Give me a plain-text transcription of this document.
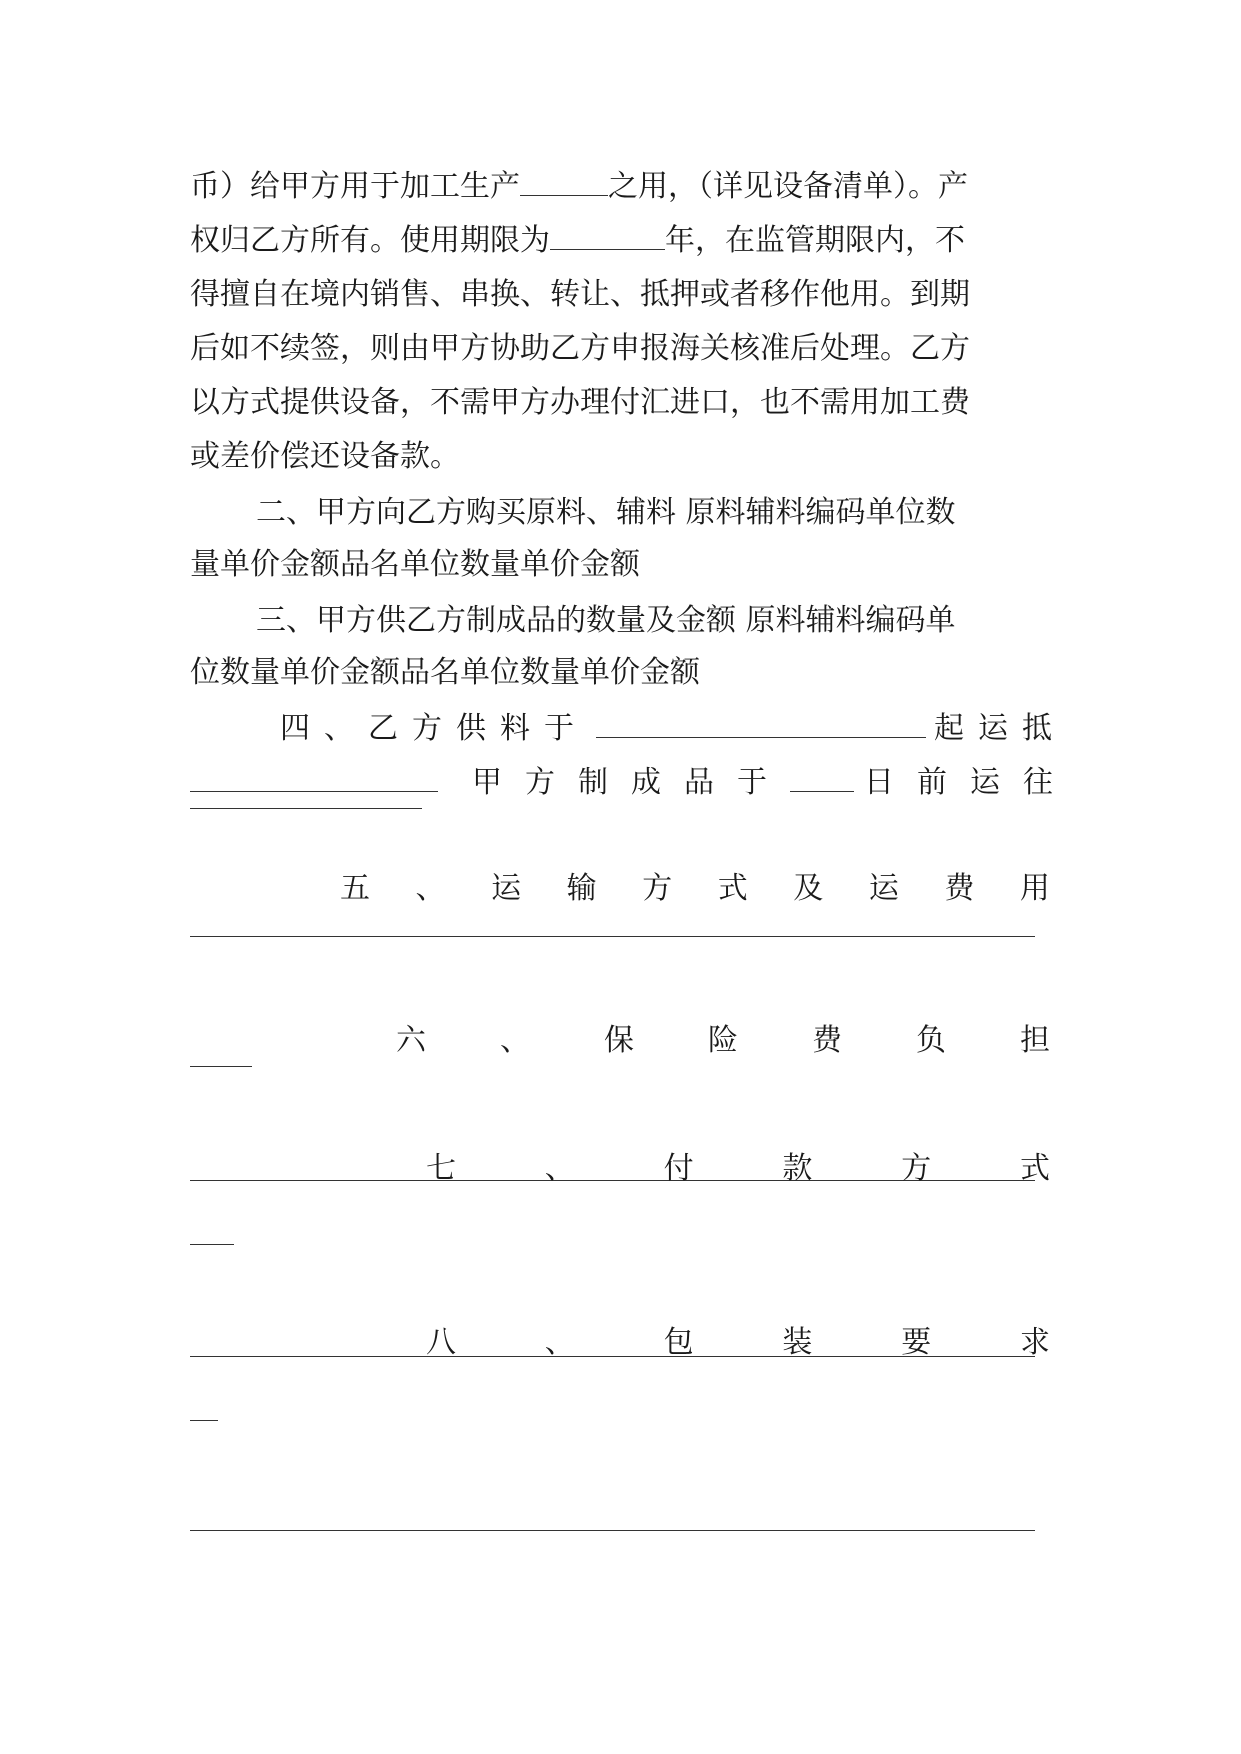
币）给甲方用于加工生产	之用，（详见设备清单）。产
权归乙方所有。使用期限为	年，在监管期限内，不
得擅自在境内销售、串换、转让、抵押或者移作他用。到期
后如不续签，则由甲方协助乙方申报海关核准后处理。乙方
以方式提供设备，不需甲方办理付汇进口，也不需用加工费
或差价偿还设备款。
二、甲方向乙方购买原料、辅料 原料辅料编码单位数
量单价金额品名单位数量单价金额
三、甲方供乙方制成品的数量及金额 原料辅料编码单
位数量单价金额品名单位数量单价金额
四、乙方供料于	起运抵
甲方制成品于 日前运往
五 、 运 输 方 式 及 运 费 用
六 、 保 险 费 负 担
七	、	付	款	方	式
八	、	包	装	要	求
